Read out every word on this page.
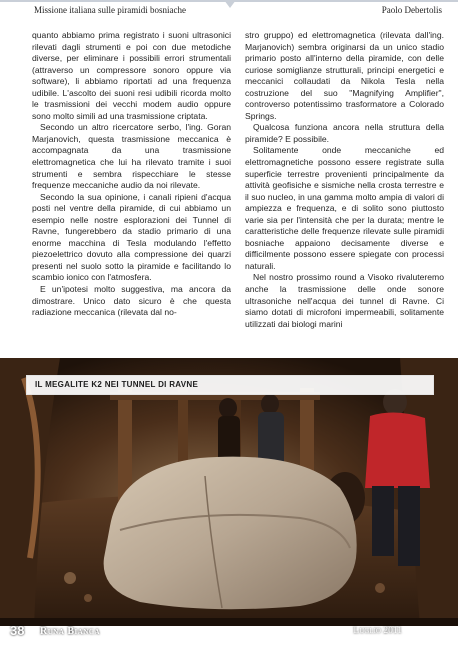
Missione italiana sulle piramidi bosniache	Paolo Debertolis

quanto abbiamo prima registrato i suoni ultrasonici rilevati dagli strumenti e poi con due metodiche diverse, per eliminare i possibili errori strumentali (attraverso un compressore sonoro oppure via software), li abbiamo riportati ad una frequenza udibile. L'ascolto dei suoni resi udibili ricorda molto le trasmissioni dei vecchi modem audio oppure sono molto simili ad una trasmissione criptata.

Secondo un altro ricercatore serbo, l'ing. Goran Marjanovich, questa trasmissione meccanica è accompagnata da una trasmissione elettromagnetica che lui ha rilevato tramite i suoi strumenti e sembra rispecchiare le stesse frequenze meccaniche audio da noi rilevate.

Secondo la sua opinione, i canali ripieni d'acqua posti nel ventre della piramide, di cui abbiamo un esempio nelle nostre esplorazioni dei Tunnel di Ravne, fungerebbero da stadio primario di una enorme macchina di Tesla modulando l'effetto piezoelettrico dovuto alla compressione dei quarzi presenti nel suolo sotto la piramide e facilitando lo scambio ionico con l'atmosfera.

E un'ipotesi molto suggestiva, ma ancora da dimostrare. Unico dato sicuro è che questa radiazione meccanica (rilevata dal no-

stro gruppo) ed elettromagnetica (rilevata dall'ing. Marjanovich) sembra originarsi da un unico stadio primario posto all'interno della piramide, con delle curiose somiglianze strutturali, principi energetici e meccanici collaudati da Nikola Tesla nella costruzione del suo "Magnifying Amplifier", controverso potentissimo trasformatore a Colorado Springs.

Qualcosa funziona ancora nella struttura della piramide? E possibile.

Solitamente onde meccaniche ed elettromagnetiche possono essere registrate sulla superficie terrestre provenienti principalmente da attività geofisiche e sismiche nella crosta terrestre e il suo nucleo, in una gamma molto ampia di valori di ampiezza e frequenza, e di solito sono piuttosto varie sia per l'intensità che per la durata; mentre le caratteristiche delle frequenze rilevate sulle piramidi bosniache appaiono decisamente diverse e difficilmente possono essere spiegate con processi naturali.

Nel nostro prossimo round a Visoko rivaluteremo anche la trasmissione delle onde sonore ultrasoniche nell'acqua dei tunnel di Ravne. Ci siamo dotati di microfoni impermeabili, solitamente utilizzati dai biologi marini

IL MEGALITE K2 NEI TUNNEL DI RAVNE
38 Runa Bianca	Luglio 2011
